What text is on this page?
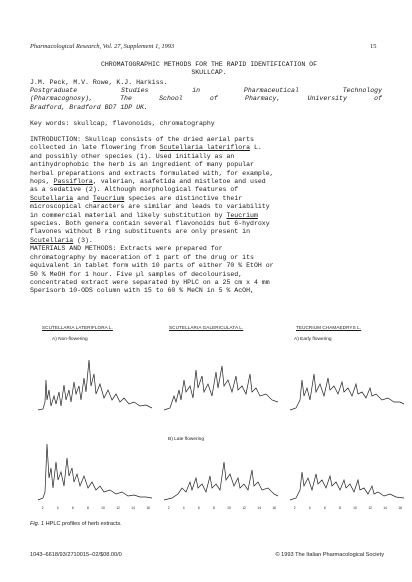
Pharmacological Research, Vol. 27, Supplement 1, 1993	15
CHROMATOGRAPHIC METHODS FOR THE RAPID IDENTIFICATION OF
SKULLCAP.
J.M. Peck, M.V. Rowe, K.J. Harkiss.
Postgraduate Studies in Pharmaceutical Technology
(Pharmacognosy), The School of Pharmacy, University of
Bradford, Bradford BD7 1DP UK.
Key words: skullcap, flavonoids, chromatography
INTRODUCTION: Skullcap consists of the dried aerial parts
collected in late flowering from Scutellaria lateriflora L.
and possibly other species (1). Used initially as an
antihydrophobic the herb is an ingredient of many popular
herbal preparations and extracts formulated with, for example,
hops, Passiflora, valerian, asafetida and mistletoe and used
as a sedative (2). Although morphological features of
Scutellaria and Teucrium species are distinctive their
microscopical characters are similar and leads to variability
in commercial material and likely substitution by Teucrium
species. Both genera contain several flavonoids but 6-hydroxy
flavones without B ring substituents are only present in
Scutellaria (3).
MATERIALS AND METHODS: Extracts were prepared for
chromatography by maceration of 1 part of the drug or its
equivalent in tablet form with 10 parts of either 70 % EtOH or
50 % MeOH for 1 hour. Five µl samples of decolourised,
concentrated extract were separated by HPLC on a 25 cm x 4 mm
Sperisorb 10-ODS column with 15 to 60 % MeCN in 5 % AcOH,
SCUTELLARIA LATERIFLORA L.	SCUTELLARIA GALERICULATA L.	TEUCRIUM CHAMAEDRYS L.
A) Non-flowering	A) Early flowering
B) Late flowering
2	4	6	8	10	12	14	16	2	4	6	8	10	12	14	16	2	4	6	8	10	12	14	16
Fig. 1 HPLC profiles of herb extracts.
1043–6618/93/2710015–02/$08.00/0	© 1993 The Italian Pharmacological Society
